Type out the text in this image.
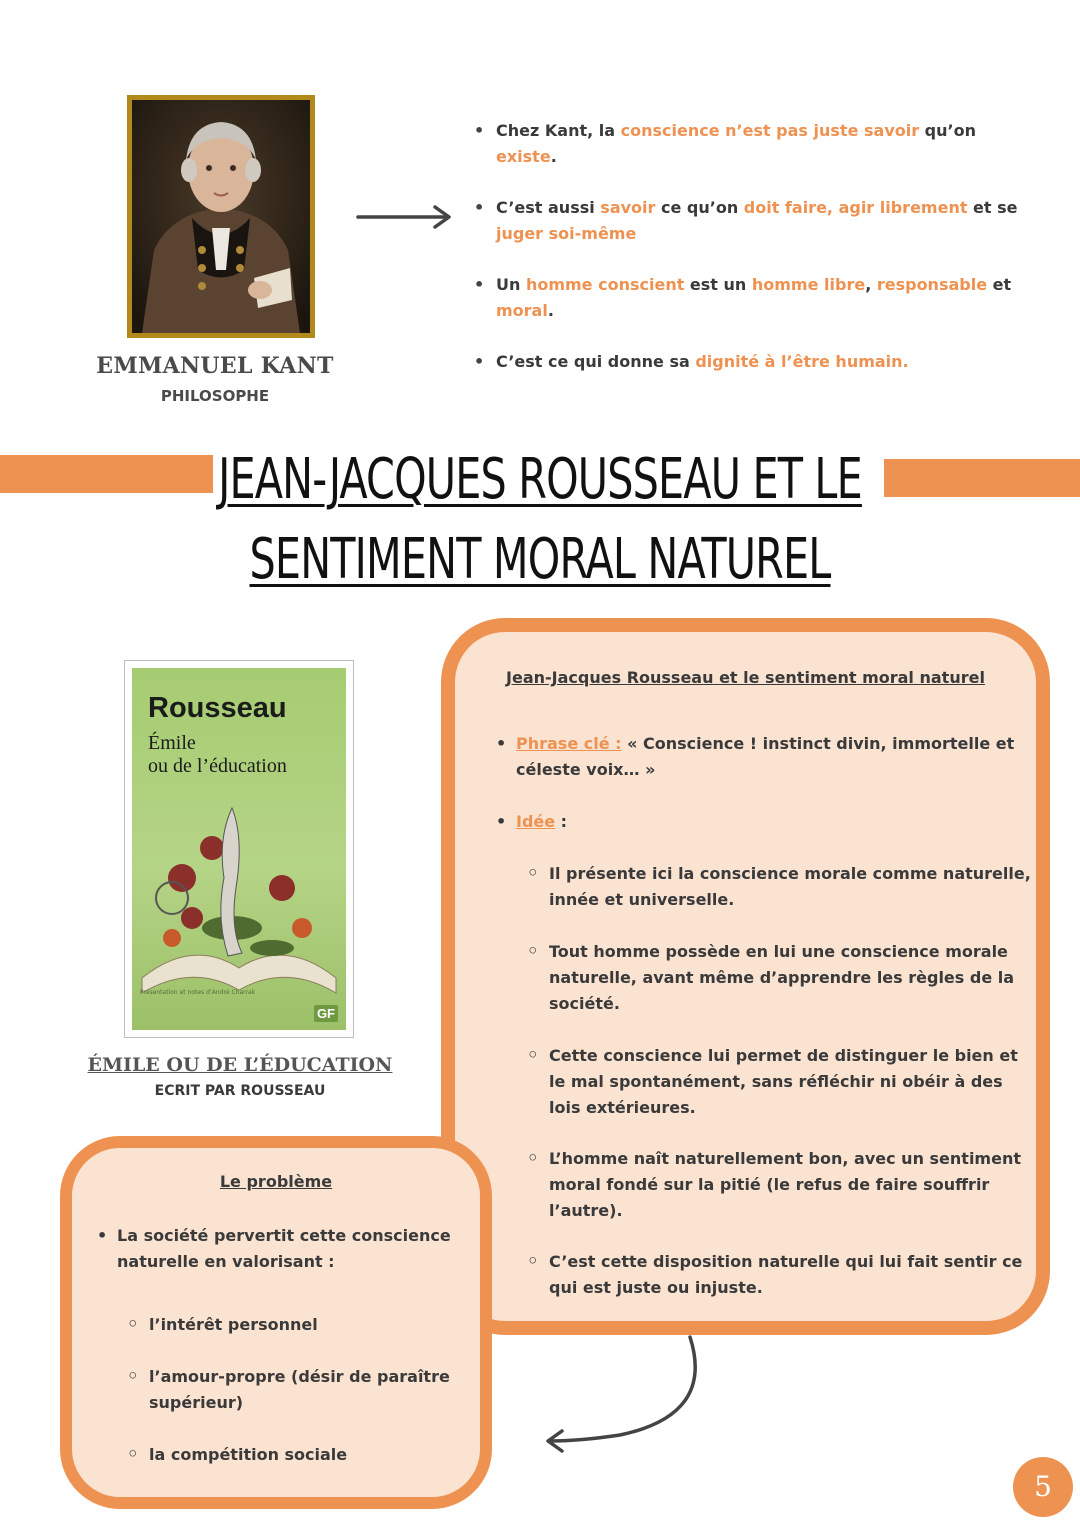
EMMANUEL KANT
PHILOSOPHE
• Chez Kant, la conscience n’est pas juste savoir qu’on existe.
• C’est aussi savoir ce qu’on doit faire, agir librement et se juger soi-même
• Un homme conscient est un homme libre, responsable et moral.
• C’est ce qui donne sa dignité à l’être humain.
JEAN-JACQUES ROUSSEAU ET LE
SENTIMENT MORAL NATUREL
Rousseau
Émile
ou de l’éducation
Présentation et notes d’André Charrak
GF
ÉMILE OU DE L’ÉDUCATION
ECRIT PAR ROUSSEAU
Jean-Jacques Rousseau et le sentiment moral naturel
• Phrase clé : « Conscience ! instinct divin, immortelle et
céleste voix… »
• Idée :
◦ Il présente ici la conscience morale comme naturelle,
innée et universelle.
◦ Tout homme possède en lui une conscience morale
naturelle, avant même d’apprendre les règles de la
société.
◦ Cette conscience lui permet de distinguer le bien et
le mal spontanément, sans réfléchir ni obéir à des
lois extérieures.
◦ L’homme naît naturellement bon, avec un sentiment
moral fondé sur la pitié (le refus de faire souffrir
l’autre).
◦ C’est cette disposition naturelle qui lui fait sentir ce
qui est juste ou injuste.
Le problème
• La société pervertit cette conscience
naturelle en valorisant :
◦ l’intérêt personnel
◦ l’amour-propre (désir de paraître
supérieur)
◦ la compétition sociale
5
